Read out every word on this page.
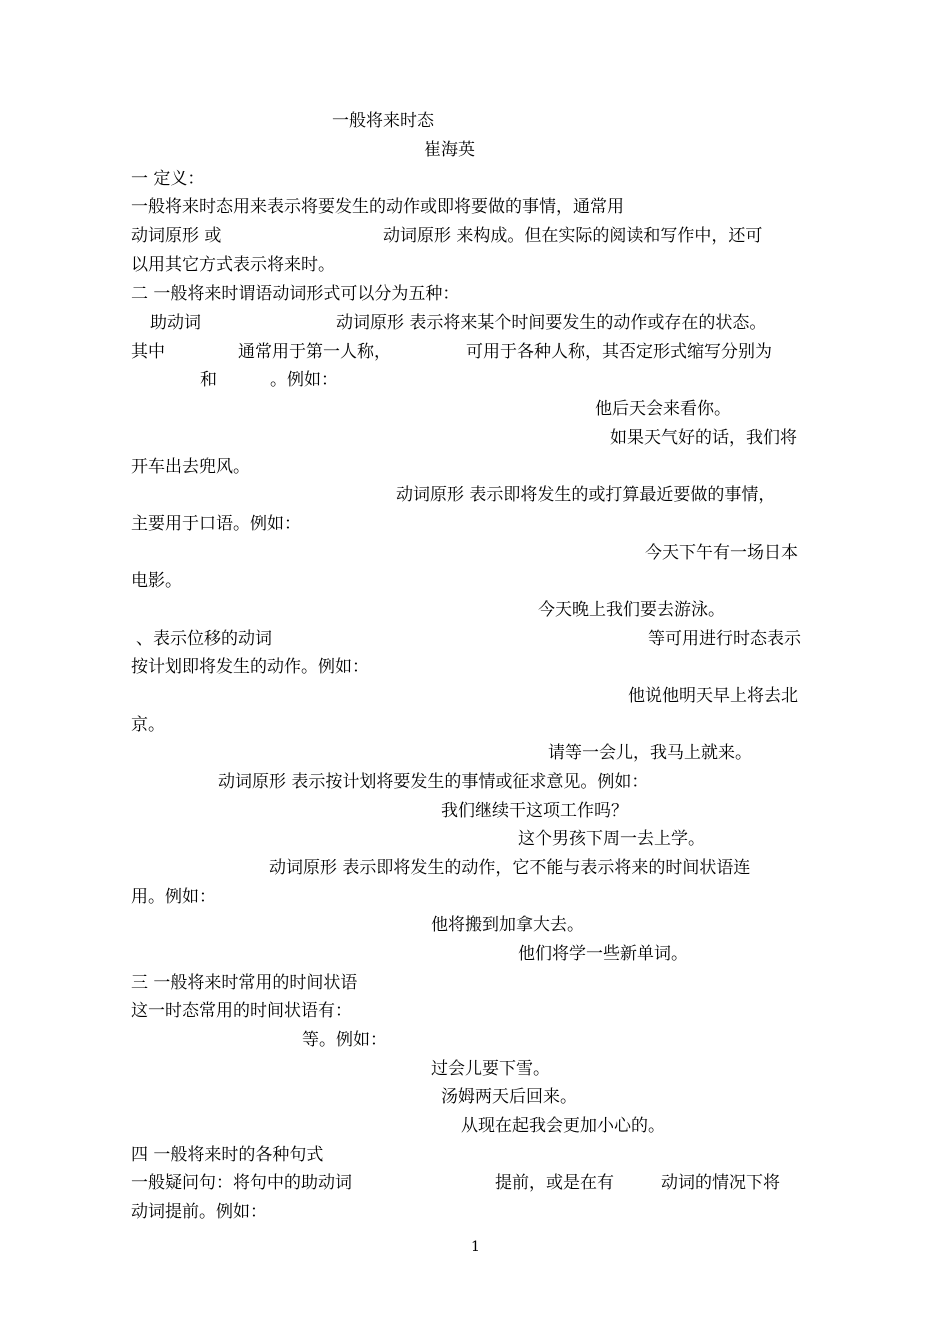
一般将来时态
崔海英
一 定义：
一般将来时态用来表示将要发生的动作或即将要做的事情，通常用
动词原形 或	动词原形 来构成。但在实际的阅读和写作中，还可
以用其它方式表示将来时。
二 一般将来时谓语动词形式可以分为五种：
助动词	动词原形 表示将来某个时间要发生的动作或存在的状态。
其中	通常用于第一人称，	可用于各种人称，其否定形式缩写分别为
和	。例如：
他后天会来看你。
如果天气好的话，我们将
开车出去兜风。
动词原形 表示即将发生的或打算最近要做的事情，
主要用于口语。例如：
今天下午有一场日本
电影。
今天晚上我们要去游泳。
、表示位移的动词	等可用进行时态表示
按计划即将发生的动作。例如：
他说他明天早上将去北
京。
请等一会儿，我马上就来。
动词原形 表示按计划将要发生的事情或征求意见。例如：
我们继续干这项工作吗？
这个男孩下周一去上学。
动词原形 表示即将发生的动作，它不能与表示将来的时间状语连
用。例如：
他将搬到加拿大去。
他们将学一些新单词。
三 一般将来时常用的时间状语
这一时态常用的时间状语有：
等。例如：
过会儿要下雪。
汤姆两天后回来。
从现在起我会更加小心的。
四 一般将来时的各种句式
一般疑问句：将句中的助动词	提前，或是在有	动词的情况下将
动词提前。例如：
1
